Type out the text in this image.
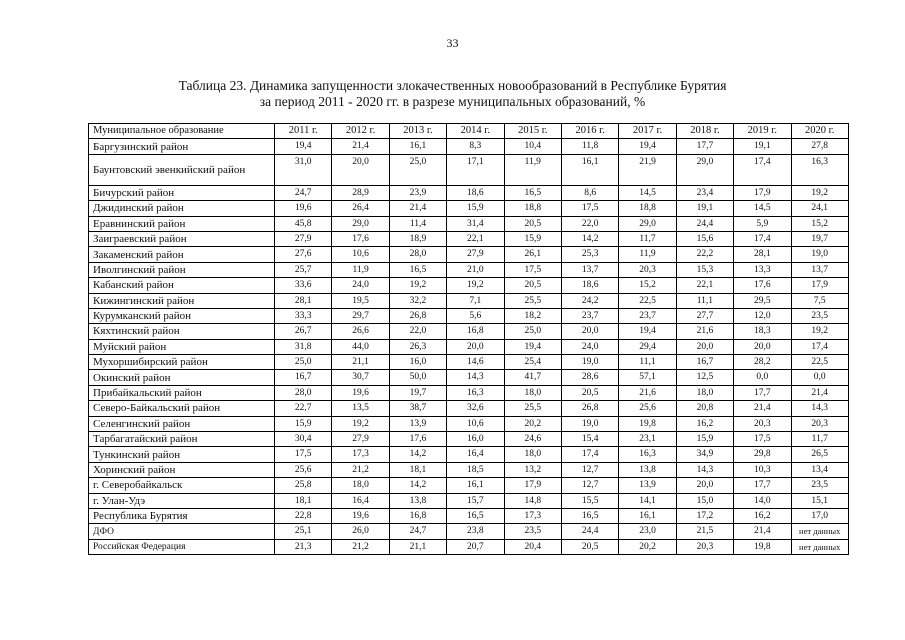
33
Таблица 23. Динамика запущенности злокачественных новообразований в Республике Бурятия
за период 2011 - 2020 гг. в разрезе муниципальных образований, %
Муниципальное образование	2011 г.	2012 г.	2013 г.	2014 г.	2015 г.	2016 г.	2017 г.	2018 г.	2019 г.	2020 г.
Баргузинский район	19,4	21,4	16,1	8,3	10,4	11,8	19,4	17,7	19,1	27,8
Баунтовский эвенкийский район	31,0	20,0	25,0	17,1	11,9	16,1	21,9	29,0	17,4	16,3
Бичурский район	24,7	28,9	23,9	18,6	16,5	8,6	14,5	23,4	17,9	19,2
Джидинский район	19,6	26,4	21,4	15,9	18,8	17,5	18,8	19,1	14,5	24,1
Еравнинский район	45,8	29,0	11,4	31,4	20,5	22,0	29,0	24,4	5,9	15,2
Заиграевский район	27,9	17,6	18,9	22,1	15,9	14,2	11,7	15,6	17,4	19,7
Закаменский район	27,6	10,6	28,0	27,9	26,1	25,3	11,9	22,2	28,1	19,0
Иволгинский район	25,7	11,9	16,5	21,0	17,5	13,7	20,3	15,3	13,3	13,7
Кабанский район	33,6	24,0	19,2	19,2	20,5	18,6	15,2	22,1	17,6	17,9
Кижингинский район	28,1	19,5	32,2	7,1	25,5	24,2	22,5	11,1	29,5	7,5
Курумканский район	33,3	29,7	26,8	5,6	18,2	23,7	23,7	27,7	12,0	23,5
Кяхтинский район	26,7	26,6	22,0	16,8	25,0	20,0	19,4	21,6	18,3	19,2
Муйский район	31,8	44,0	26,3	20,0	19,4	24,0	29,4	20,0	20,0	17,4
Мухоршибирский район	25,0	21,1	16,0	14,6	25,4	19,0	11,1	16,7	28,2	22,5
Окинский район	16,7	30,7	50,0	14,3	41,7	28,6	57,1	12,5	0,0	0,0
Прибайкальский район	28,0	19,6	19,7	16,3	18,0	20,5	21,6	18,0	17,7	21,4
Северо-Байкальский район	22,7	13,5	38,7	32,6	25,5	26,8	25,6	20,8	21,4	14,3
Селенгинский район	15,9	19,2	13,9	10,6	20,2	19,0	19,8	16,2	20,3	20,3
Тарбагатайский район	30,4	27,9	17,6	16,0	24,6	15,4	23,1	15,9	17,5	11,7
Тункинский район	17,5	17,3	14,2	16,4	18,0	17,4	16,3	34,9	29,8	26,5
Хоринский район	25,6	21,2	18,1	18,5	13,2	12,7	13,8	14,3	10,3	13,4
г. Северобайкальск	25,8	18,0	14,2	16,1	17,9	12,7	13,9	20,0	17,7	23,5
г. Улан-Удэ	18,1	16,4	13,8	15,7	14,8	15,5	14,1	15,0	14,0	15,1
Республика Бурятия	22,8	19,6	16,8	16,5	17,3	16,5	16,1	17,2	16,2	17,0
ДФО	25,1	26,0	24,7	23,8	23,5	24,4	23,0	21,5	21,4	нет данных
Российская Федерация	21,3	21,2	21,1	20,7	20,4	20,5	20,2	20,3	19,8	нет данных
